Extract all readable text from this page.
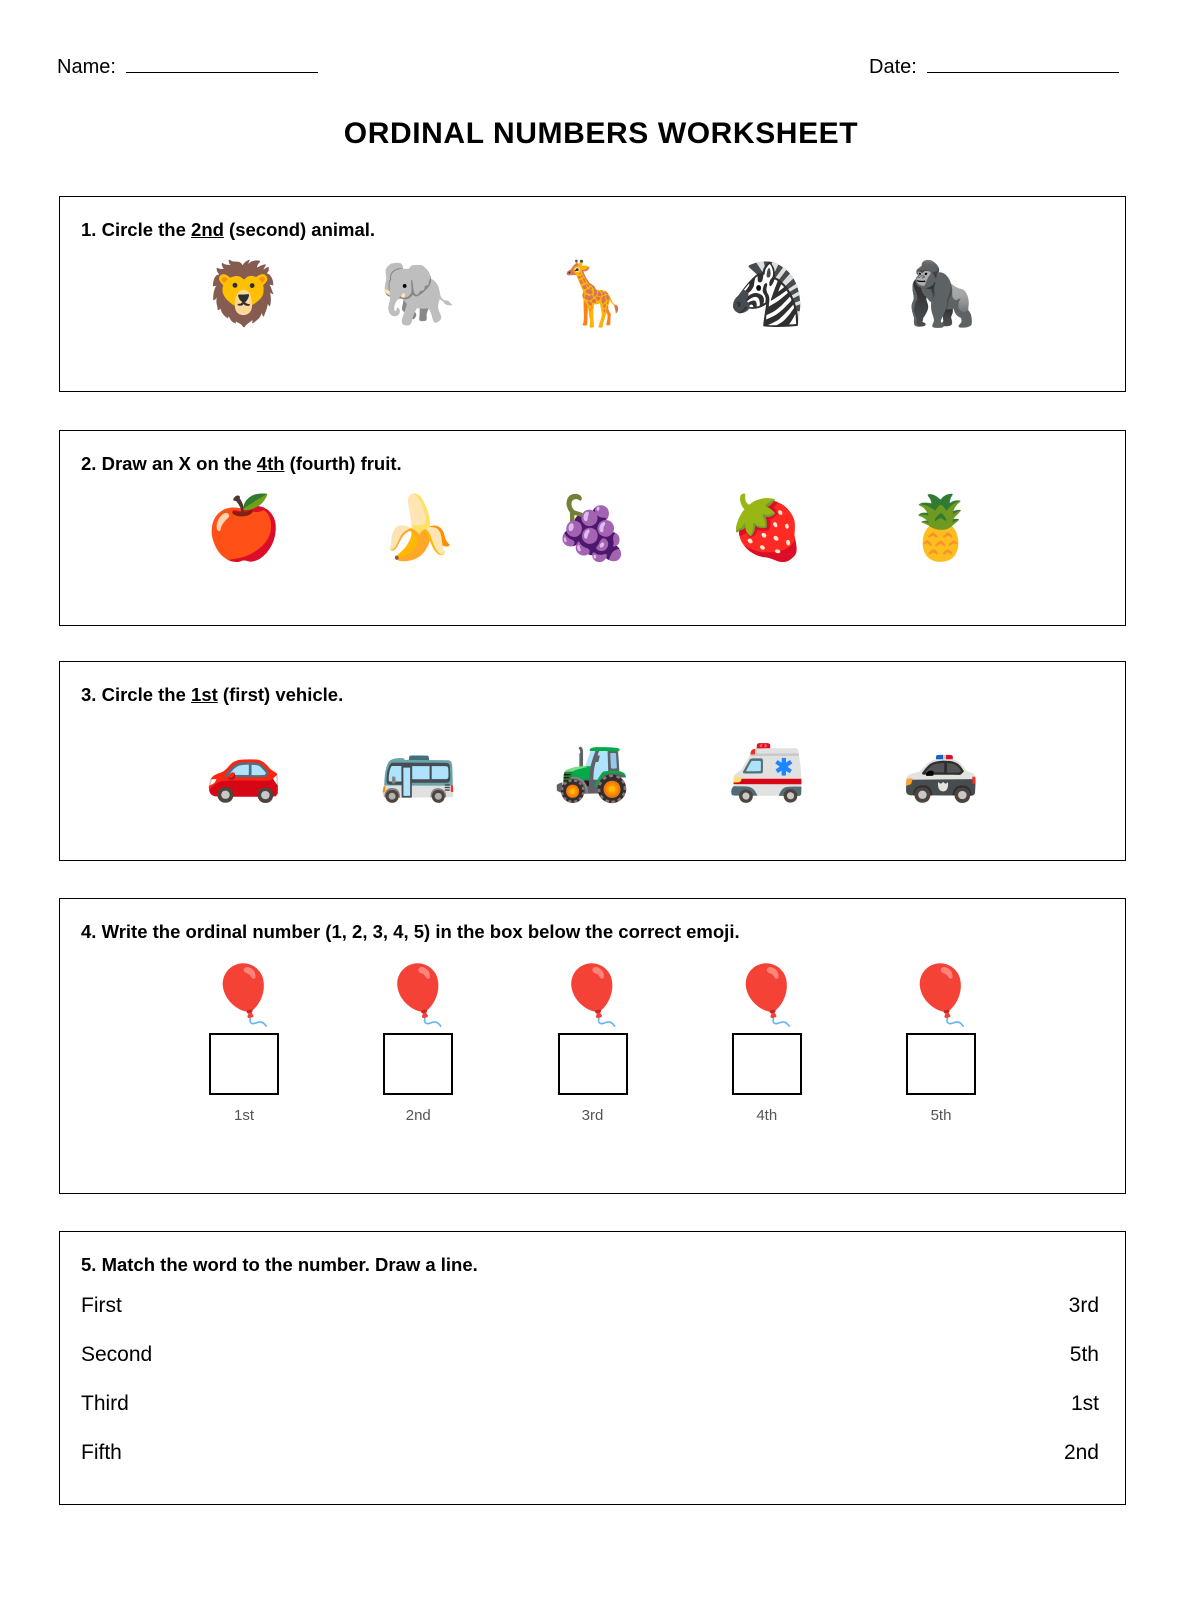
Name:	Date:
ORDINAL NUMBERS WORKSHEET
1. Circle the 2nd (second) animal.
🦁	🐘	🦒	🦓	🦍
2. Draw an X on the 4th (fourth) fruit.
🍎	🍌	🍇	🍓	🍍
3. Circle the 1st (first) vehicle.
🚗	🚌	🚜	🚑	🚓
4. Write the ordinal number (1, 2, 3, 4, 5) in the box below the correct emoji.
🎈
1st
🎈
2nd
🎈
3rd
🎈
4th
🎈
5th
5. Match the word to the number. Draw a line.
First	3rd
Second	5th
Third	1st
Fifth	2nd
